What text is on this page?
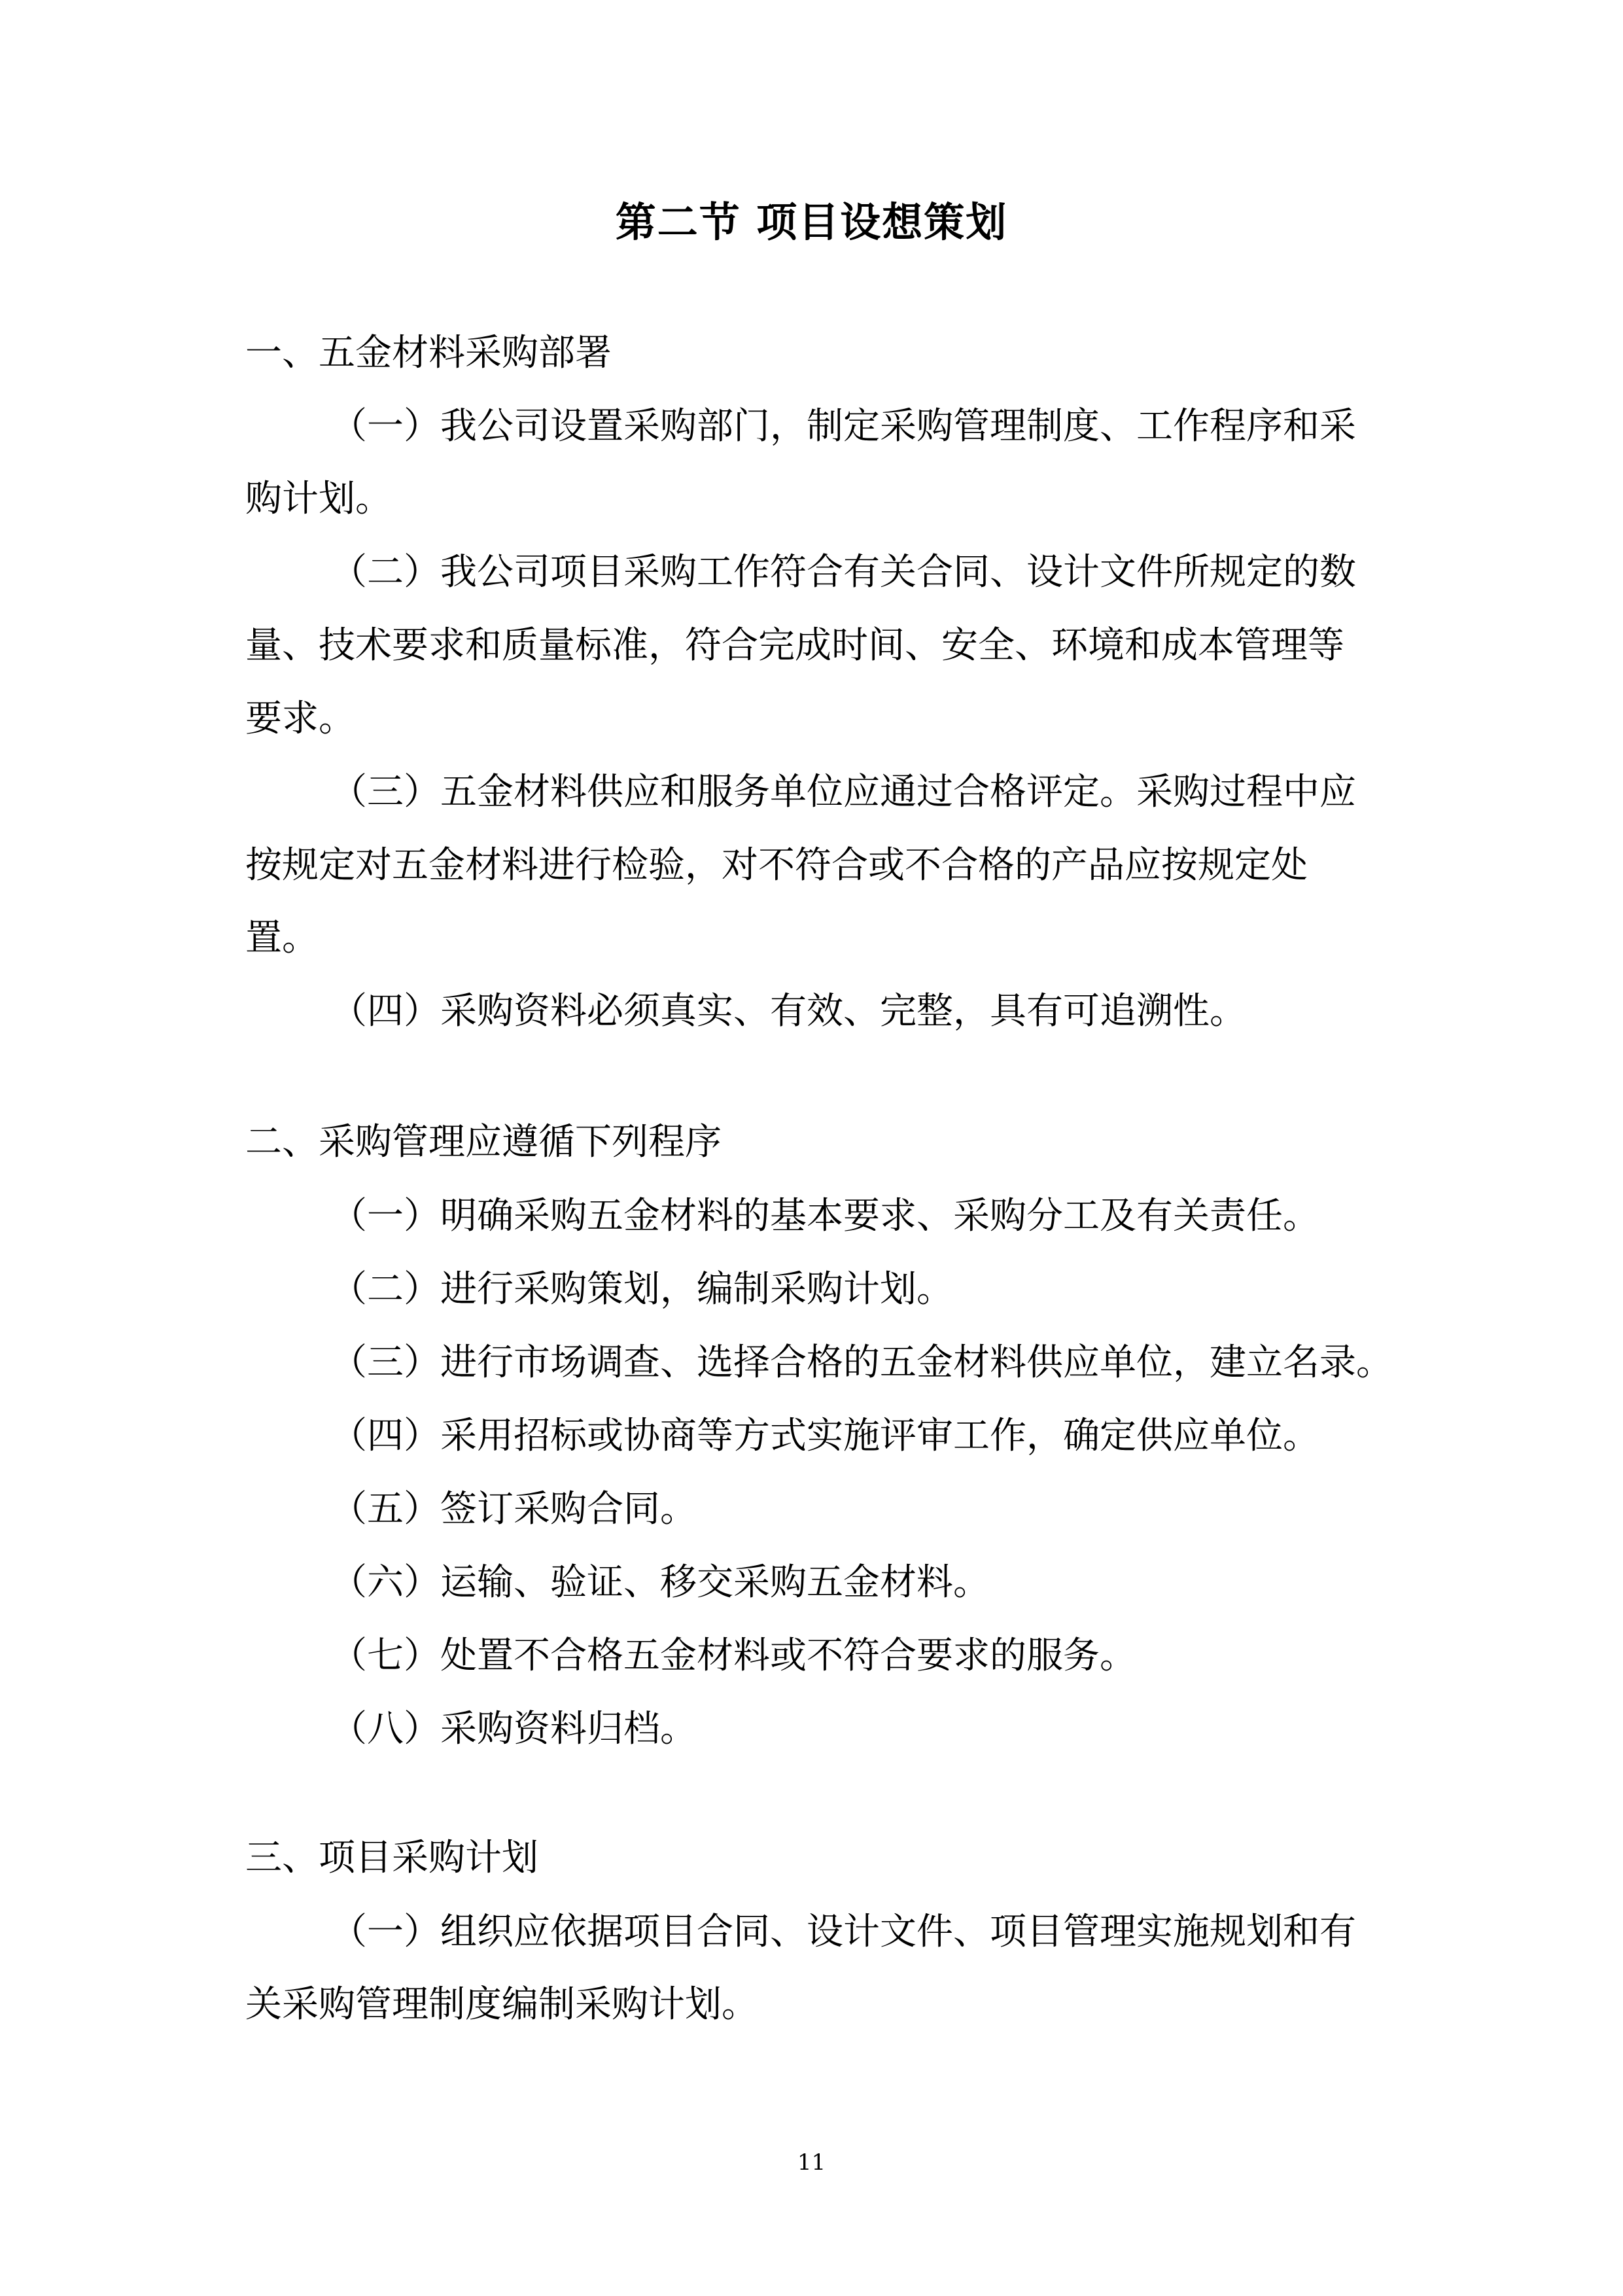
第二节 项目设想策划
一、五金材料采购部署
（一）我公司设置采购部门，制定采购管理制度、工作程序和采
购计划。
（二）我公司项目采购工作符合有关合同、设计文件所规定的数
量、技术要求和质量标准，符合完成时间、安全、环境和成本管理等
要求。
（三）五金材料供应和服务单位应通过合格评定。采购过程中应
按规定对五金材料进行检验，对不符合或不合格的产品应按规定处
置。
（四）采购资料必须真实、有效、完整，具有可追溯性。
二、采购管理应遵循下列程序
（一）明确采购五金材料的基本要求、采购分工及有关责任。
（二）进行采购策划，编制采购计划。
（三）进行市场调查、选择合格的五金材料供应单位，建立名录。
（四）采用招标或协商等方式实施评审工作，确定供应单位。
（五）签订采购合同。
（六）运输、验证、移交采购五金材料。
（七）处置不合格五金材料或不符合要求的服务。
（八）采购资料归档。
三、项目采购计划
（一）组织应依据项目合同、设计文件、项目管理实施规划和有
关采购管理制度编制采购计划。
11
